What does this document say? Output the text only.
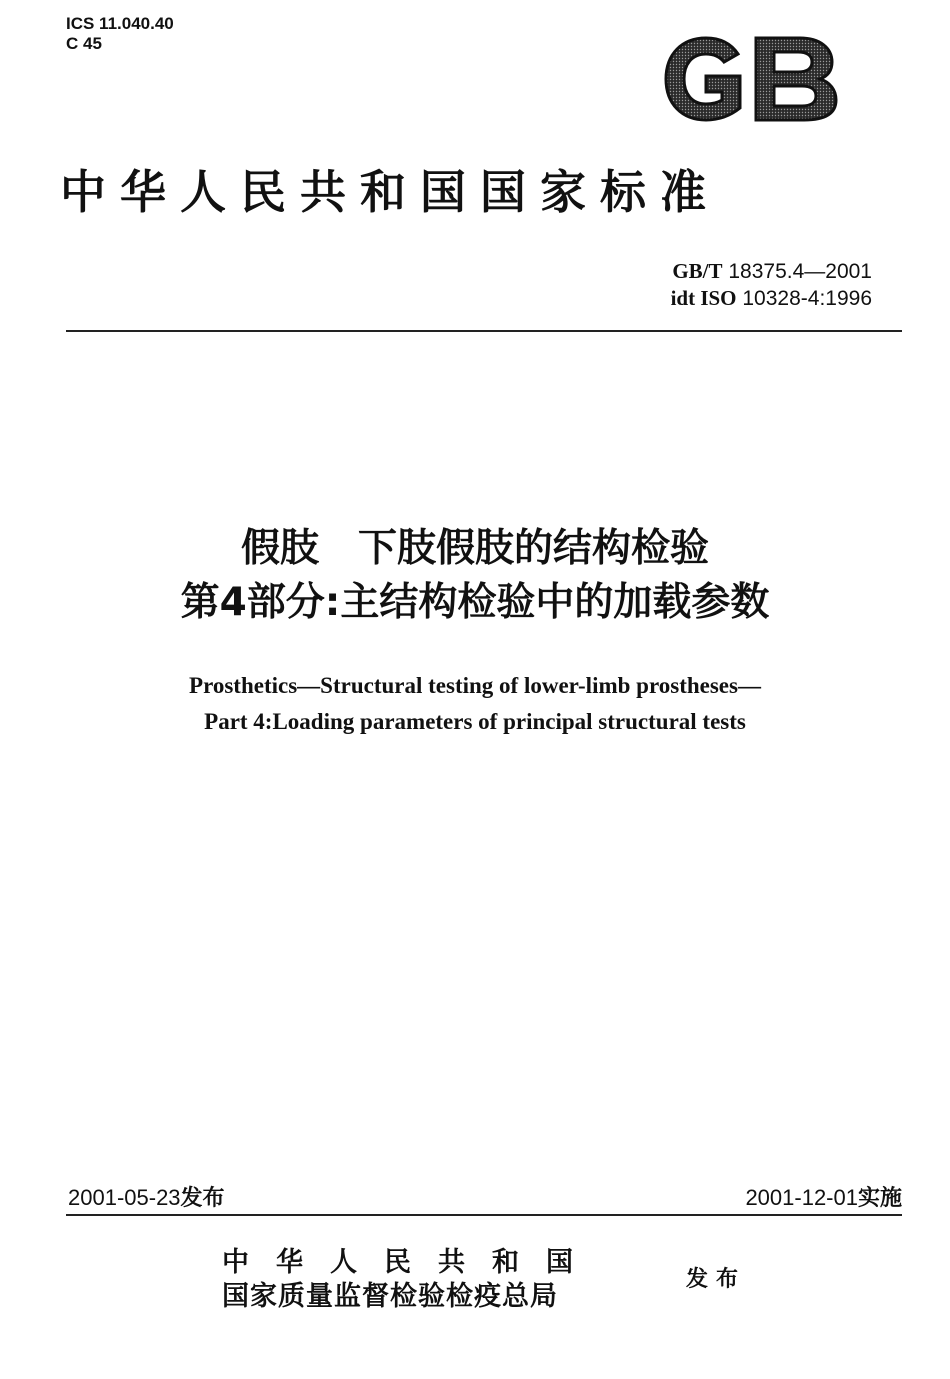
ICS 11.040.40
C 45
中华人民共和国国家标准
GB/T 18375.4—2001
idt ISO 10328-4:1996
假肢　下肢假肢的结构检验
第4部分:主结构检验中的加载参数
Prosthetics—Structural testing of lower-limb prostheses—
Part 4:Loading parameters of principal structural tests
2001-05-23发布	2001-12-01实施
中华人民共和国
国家质量监督检验检疫总局
发布
